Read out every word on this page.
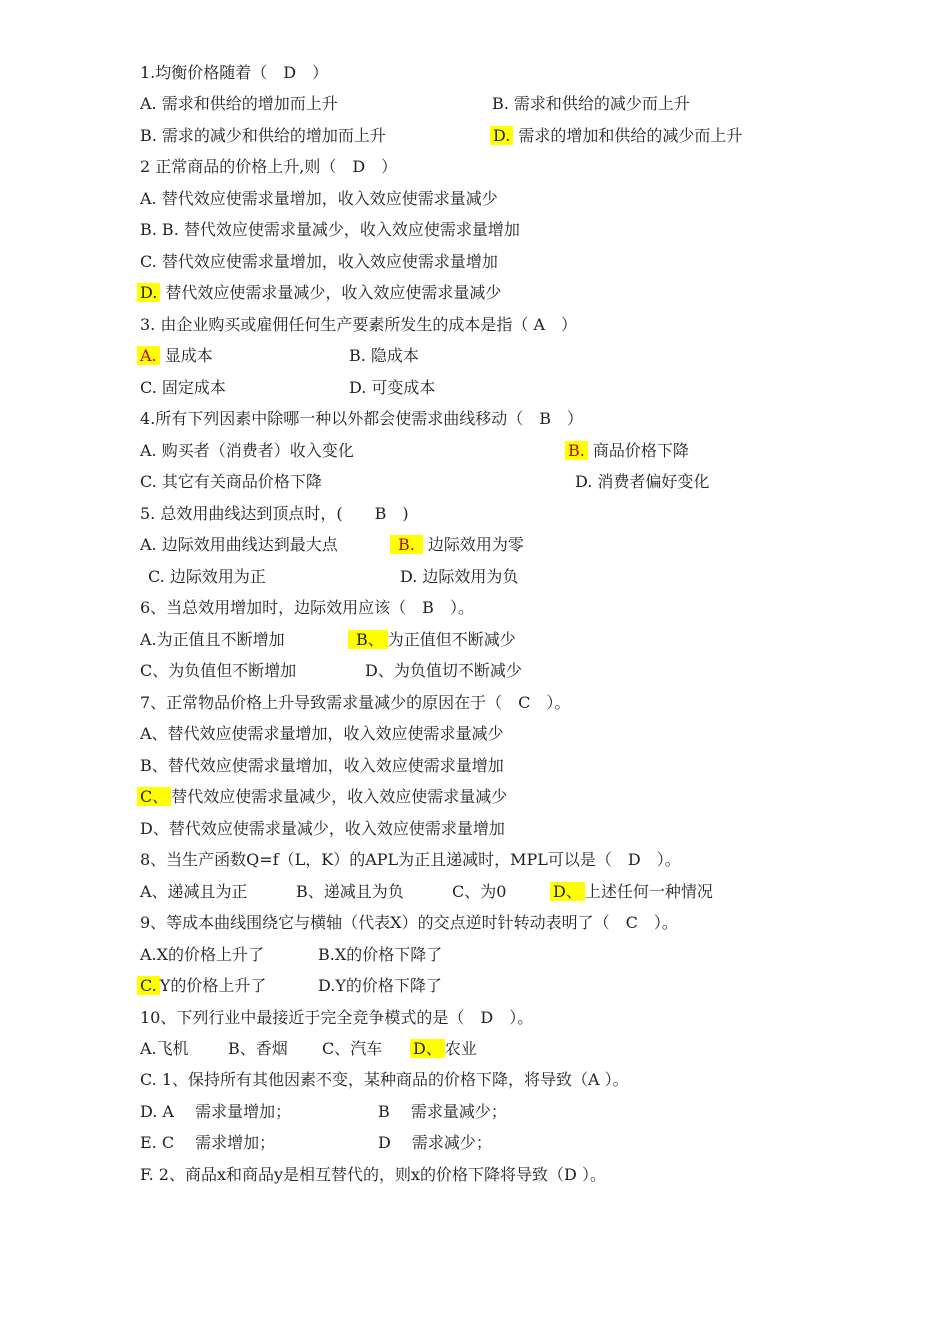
1.均衡价格随着（　D　）
A. 需求和供给的增加而上升	B. 需求和供给的减少而上升
B. 需求的减少和供给的增加而上升	D. 需求的增加和供给的减少而上升
2 正常商品的价格上升,则（　D　）
A. 替代效应使需求量增加，收入效应使需求量减少
B. B. 替代效应使需求量减少，收入效应使需求量增加
C. 替代效应使需求量增加，收入效应使需求量增加
D. 替代效应使需求量减少，收入效应使需求量减少
3. 由企业购买或雇佣任何生产要素所发生的成本是指（ A　）
A. 显成本	B. 隐成本
C. 固定成本	D. 可变成本
4.所有下列因素中除哪一种以外都会使需求曲线移动（　B　）
A. 购买者（消费者）收入变化	B. 商品价格下降
C. 其它有关商品价格下降	D. 消费者偏好变化
5. 总效用曲线达到顶点时，(　　B　)
A. 边际效用曲线达到最大点	B. 边际效用为零
C. 边际效用为正	D. 边际效用为负
6、当总效用增加时，边际效用应该（　B　）。
A.为正值且不断增加	B、 为正值但不断减少
C、为负值但不断增加	D、为负值切不断减少
7、正常物品价格上升导致需求量减少的原因在于（　C　）。
A、替代效应使需求量增加，收入效应使需求量减少
B、替代效应使需求量增加，收入效应使需求量增加
C、 替代效应使需求量减少，收入效应使需求量减少
D、替代效应使需求量减少，收入效应使需求量增加
8、当生产函数Q=f（L，K）的APL为正且递减时，MPL可以是（　D　）。
A、递减且为正	B、递减且为负	C、为0	D、 上述任何一种情况
9、等成本曲线围绕它与横轴（代表X）的交点逆时针转动表明了（　C　）。
A.X的价格上升了	B.X的价格下降了
C. Y的价格上升了	D.Y的价格下降了
10、下列行业中最接近于完全竞争模式的是（　D　）。
A.飞机 B、香烟 C、汽车 D、 农业
C. 1、保持所有其他因素不变，某种商品的价格下降，将导致（A ）。
D. A　 需求量增加；	B　 需求量减少；
E. C　 需求增加；	D　 需求减少；
F. 2、商品x和商品y是相互替代的，则x的价格下降将导致（D ）。
